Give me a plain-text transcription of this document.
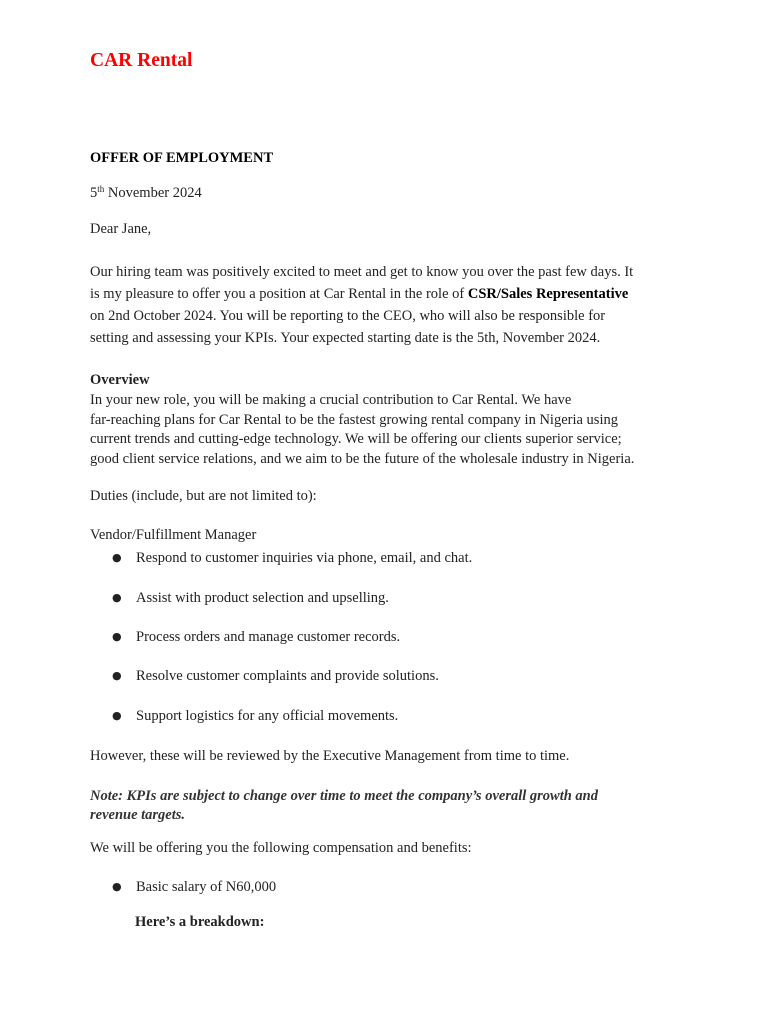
CAR Rental
OFFER OF EMPLOYMENT
5th November 2024
Dear Jane,
Our hiring team was positively excited to meet and get to know you over the past few days. It
is my pleasure to offer you a position at Car Rental in the role of CSR/Sales Representative
on 2nd October 2024. You will be reporting to the CEO, who will also be responsible for
setting and assessing your KPIs. Your expected starting date is the 5th, November 2024.
Overview
In your new role, you will be making a crucial contribution to Car Rental. We have
far-reaching plans for Car Rental to be the fastest growing rental company in Nigeria using
current trends and cutting-edge technology. We will be offering our clients superior service;
good client service relations, and we aim to be the future of the wholesale industry in Nigeria.
Duties (include, but are not limited to):
Vendor/Fulfillment Manager
● Respond to customer inquiries via phone, email, and chat.
● Assist with product selection and upselling.
● Process orders and manage customer records.
● Resolve customer complaints and provide solutions.
● Support logistics for any official movements.
However, these will be reviewed by the Executive Management from time to time.
Note: KPIs are subject to change over time to meet the company’s overall growth and
revenue targets.
We will be offering you the following compensation and benefits:
● Basic salary of N60,000
Here’s a breakdown:
